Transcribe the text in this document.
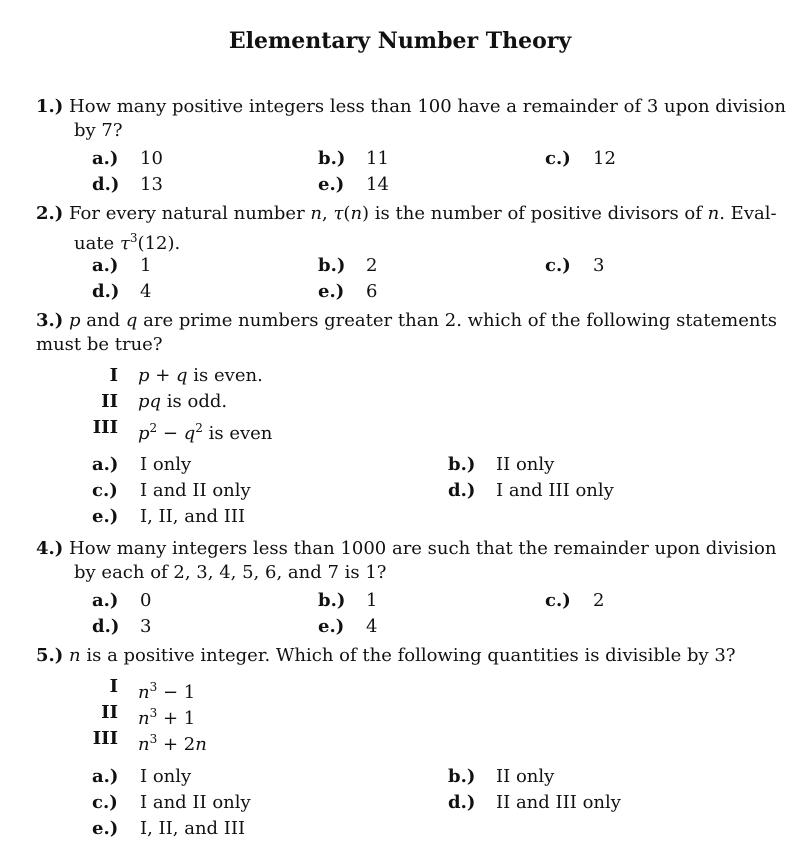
Elementary Number Theory
1.) How many positive integers less than 100 have a remainder of 3 upon division
by 7?
a.) 10	b.) 11	c.) 12
d.) 13	e.) 14
2.) For every natural number n, τ(n) is the number of positive divisors of n. Eval-
uate $\tau^3(12)$.
a.) 1	b.) 2	c.) 3
d.) 4	e.) 6
3.) p and q are prime numbers greater than 2. which of the following statements
must be true?
I p + q is even.
II pq is odd.
III $p^2 - q^2$ is even
a.) I only	b.) II only
c.) I and II only	d.) I and III only
e.) I, II, and III
4.) How many integers less than 1000 are such that the remainder upon division
by each of 2, 3, 4, 5, 6, and 7 is 1?
a.) 0	b.) 1	c.) 2
d.) 3	e.) 4
5.) n is a positive integer. Which of the following quantities is divisible by 3?
I $n^3 - 1$
II $n^3 + 1$
III $n^3 + 2n$
a.) I only	b.) II only
c.) I and II only	d.) II and III only
e.) I, II, and III
